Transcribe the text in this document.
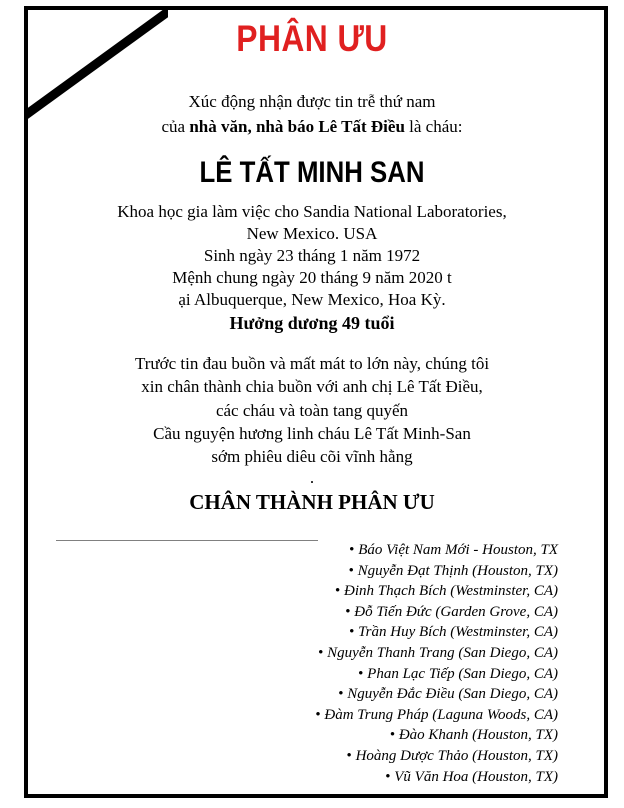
PHÂN ƯU
Xúc động nhận được tin trễ thứ nam
của nhà văn, nhà báo Lê Tất Điều là cháu:
LÊ TẤT MINH SAN
Khoa học gia làm việc cho Sandia National Laboratories,
New Mexico. USA
Sinh ngày 23 tháng 1 năm 1972
Mệnh chung ngày 20 tháng 9 năm 2020 t
ại Albuquerque, New Mexico, Hoa Kỳ.
Hưởng dương 49 tuổi
Trước tin đau buồn và mất mát to lớn này, chúng tôi
xin chân thành chia buồn với anh chị Lê Tất Điều,
các cháu và toàn tang quyến
Cầu nguyện hương linh cháu Lê Tất Minh-San
sớm phiêu diêu cõi vĩnh hằng
.
CHÂN THÀNH PHÂN ƯU
• Báo Việt Nam Mới - Houston, TX
• Nguyễn Đạt Thịnh (Houston, TX)
• Đinh Thạch Bích (Westminster, CA)
• Đỗ Tiến Đức (Garden Grove, CA)
• Trần Huy Bích (Westminster, CA)
• Nguyễn Thanh Trang (San Diego, CA)
• Phan Lạc Tiếp (San Diego, CA)
• Nguyễn Đắc Điều (San Diego, CA)
• Đàm Trung Pháp (Laguna Woods, CA)
• Đào Khanh (Houston, TX)
• Hoàng Dược Thảo (Houston, TX)
• Vũ Văn Hoa (Houston, TX)
